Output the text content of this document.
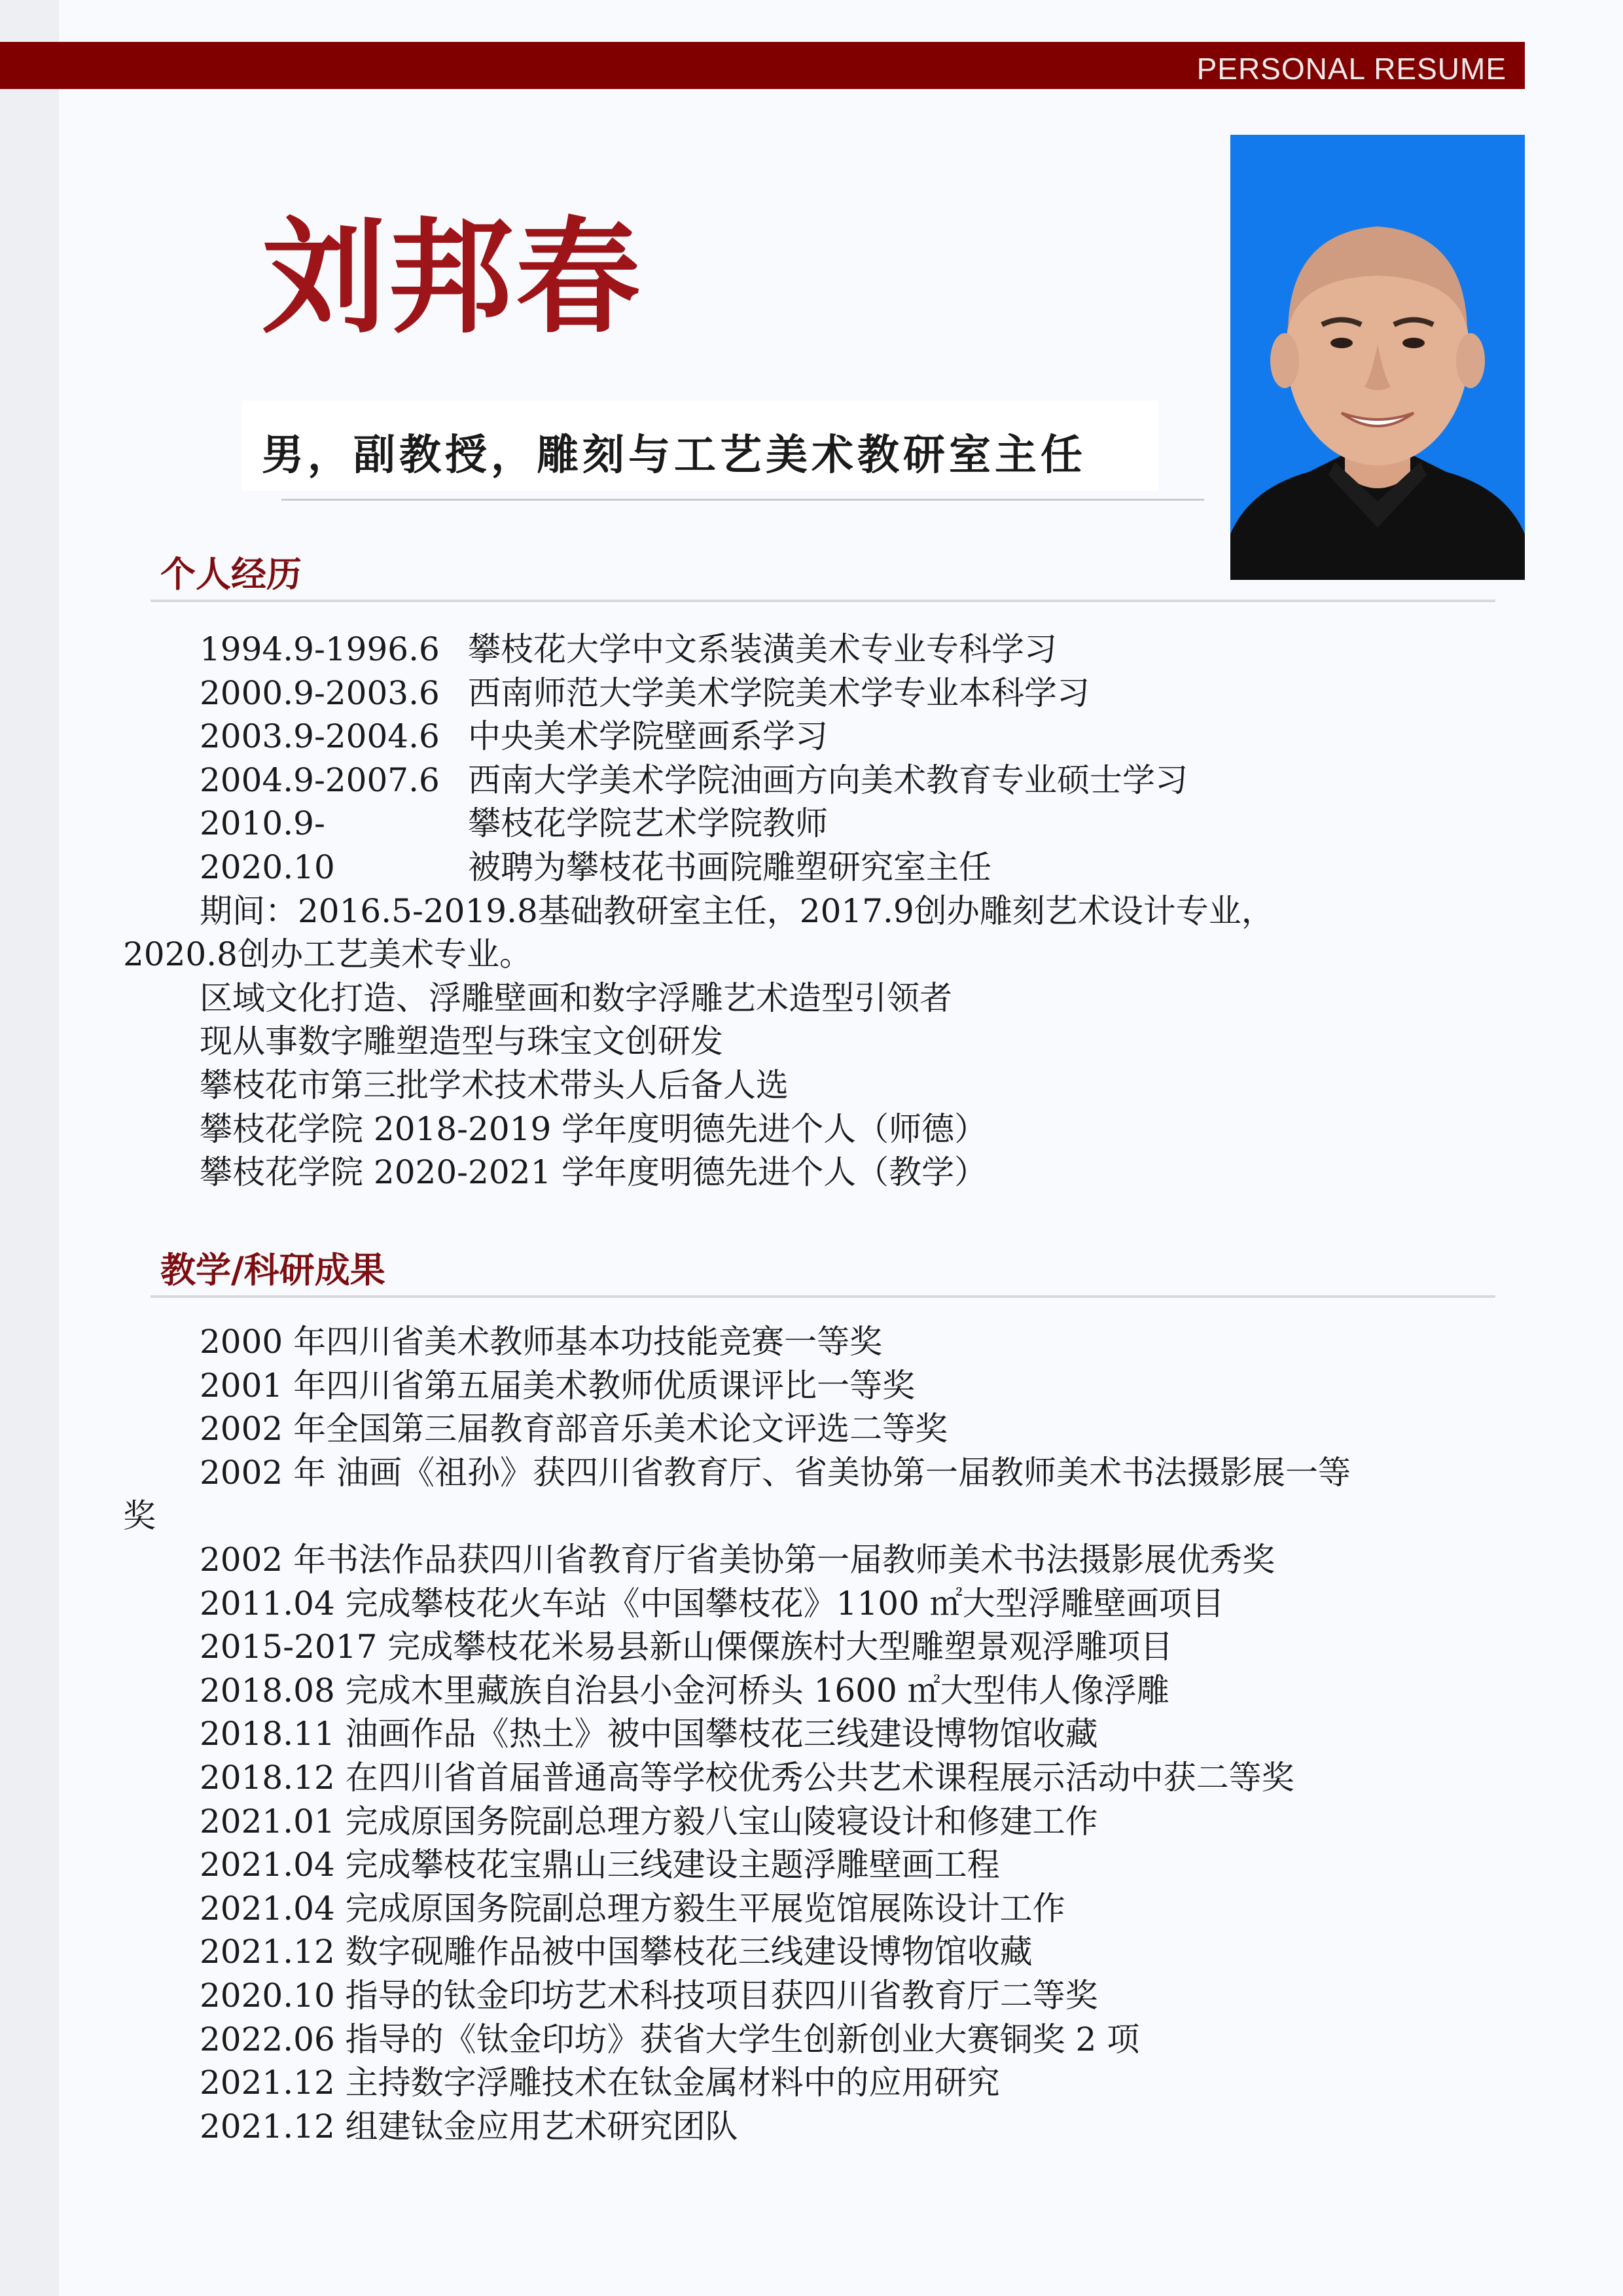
PERSONAL RESUME
刘邦春
男，副教授，雕刻与工艺美术教研室主任
个人经历
1994.9-1996.6 攀枝花大学中文系装潢美术专业专科学习
2000.9-2003.6 西南师范大学美术学院美术学专业本科学习
2003.9-2004.6 中央美术学院壁画系学习
2004.9-2007.6 西南大学美术学院油画方向美术教育专业硕士学习
2010.9-	攀枝花学院艺术学院教师
2020.10	被聘为攀枝花书画院雕塑研究室主任
期间：2016.5-2019.8基础教研室主任，2017.9创办雕刻艺术设计专业，
2020.8创办工艺美术专业。
区域文化打造、浮雕壁画和数字浮雕艺术造型引领者
现从事数字雕塑造型与珠宝文创研发
攀枝花市第三批学术技术带头人后备人选
攀枝花学院 2018-2019 学年度明德先进个人（师德）
攀枝花学院 2020-2021 学年度明德先进个人（教学）
教学/科研成果
2000 年四川省美术教师基本功技能竞赛一等奖
2001 年四川省第五届美术教师优质课评比一等奖
2002 年全国第三届教育部音乐美术论文评选二等奖
2002 年 油画《祖孙》获四川省教育厅、省美协第一届教师美术书法摄影展一等
奖
2002 年书法作品获四川省教育厅省美协第一届教师美术书法摄影展优秀奖
2011.04 完成攀枝花火车站《中国攀枝花》1100 ㎡大型浮雕壁画项目
2015-2017 完成攀枝花米易县新山傈僳族村大型雕塑景观浮雕项目
2018.08 完成木里藏族自治县小金河桥头 1600 ㎡大型伟人像浮雕
2018.11 油画作品《热土》被中国攀枝花三线建设博物馆收藏
2018.12 在四川省首届普通高等学校优秀公共艺术课程展示活动中获二等奖
2021.01 完成原国务院副总理方毅八宝山陵寝设计和修建工作
2021.04 完成攀枝花宝鼎山三线建设主题浮雕壁画工程
2021.04 完成原国务院副总理方毅生平展览馆展陈设计工作
2021.12 数字砚雕作品被中国攀枝花三线建设博物馆收藏
2020.10 指导的钛金印坊艺术科技项目获四川省教育厅二等奖
2022.06 指导的《钛金印坊》获省大学生创新创业大赛铜奖 2 项
2021.12 主持数字浮雕技术在钛金属材料中的应用研究
2021.12 组建钛金应用艺术研究团队
